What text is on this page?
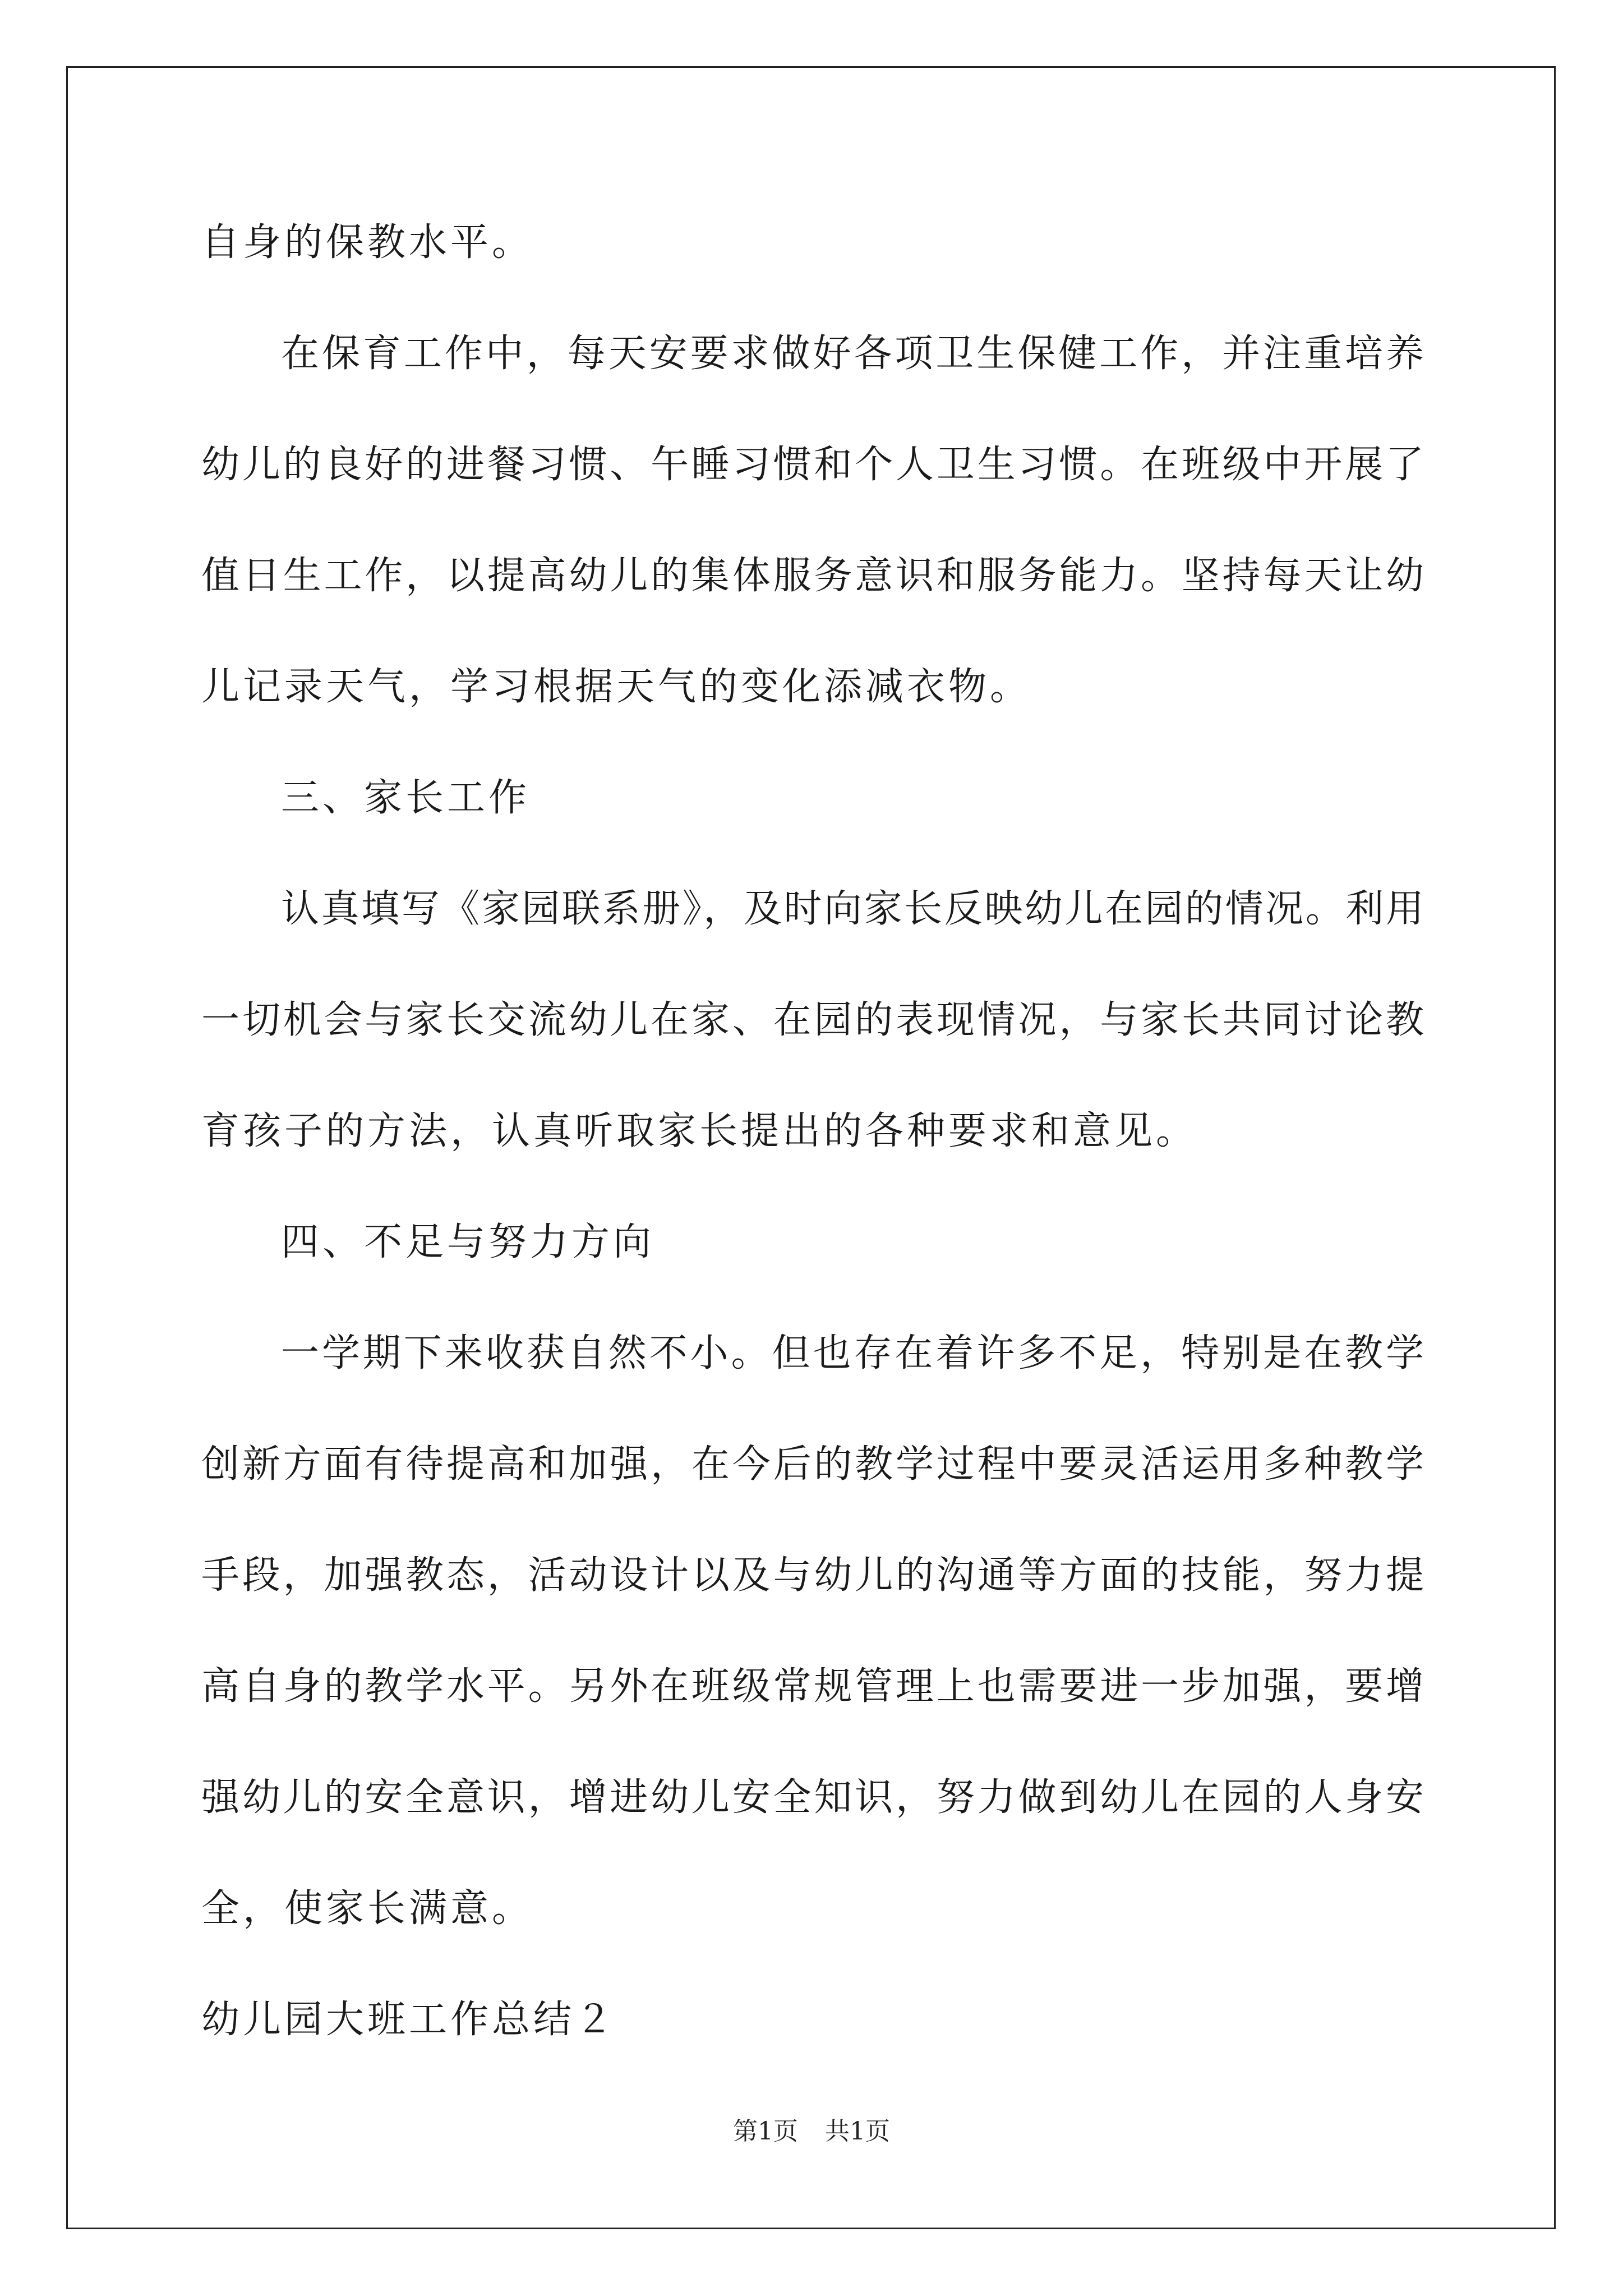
自身的保教水平。
在保育工作中，每天安要求做好各项卫生保健工作，并注重培养
幼儿的良好的进餐习惯、午睡习惯和个人卫生习惯。在班级中开展了
值日生工作，以提高幼儿的集体服务意识和服务能力。坚持每天让幼
儿记录天气，学习根据天气的变化添减衣物。
三、家长工作
认真填写《家园联系册》，及时向家长反映幼儿在园的情况。利用
一切机会与家长交流幼儿在家、在园的表现情况，与家长共同讨论教
育孩子的方法，认真听取家长提出的各种要求和意见。
四、不足与努力方向
一学期下来收获自然不小。但也存在着许多不足，特别是在教学
创新方面有待提高和加强，在今后的教学过程中要灵活运用多种教学
手段，加强教态，活动设计以及与幼儿的沟通等方面的技能，努力提
高自身的教学水平。另外在班级常规管理上也需要进一步加强，要增
强幼儿的安全意识，增进幼儿安全知识，努力做到幼儿在园的人身安
全，使家长满意。
幼儿园大班工作总结２
第1页 共1页
